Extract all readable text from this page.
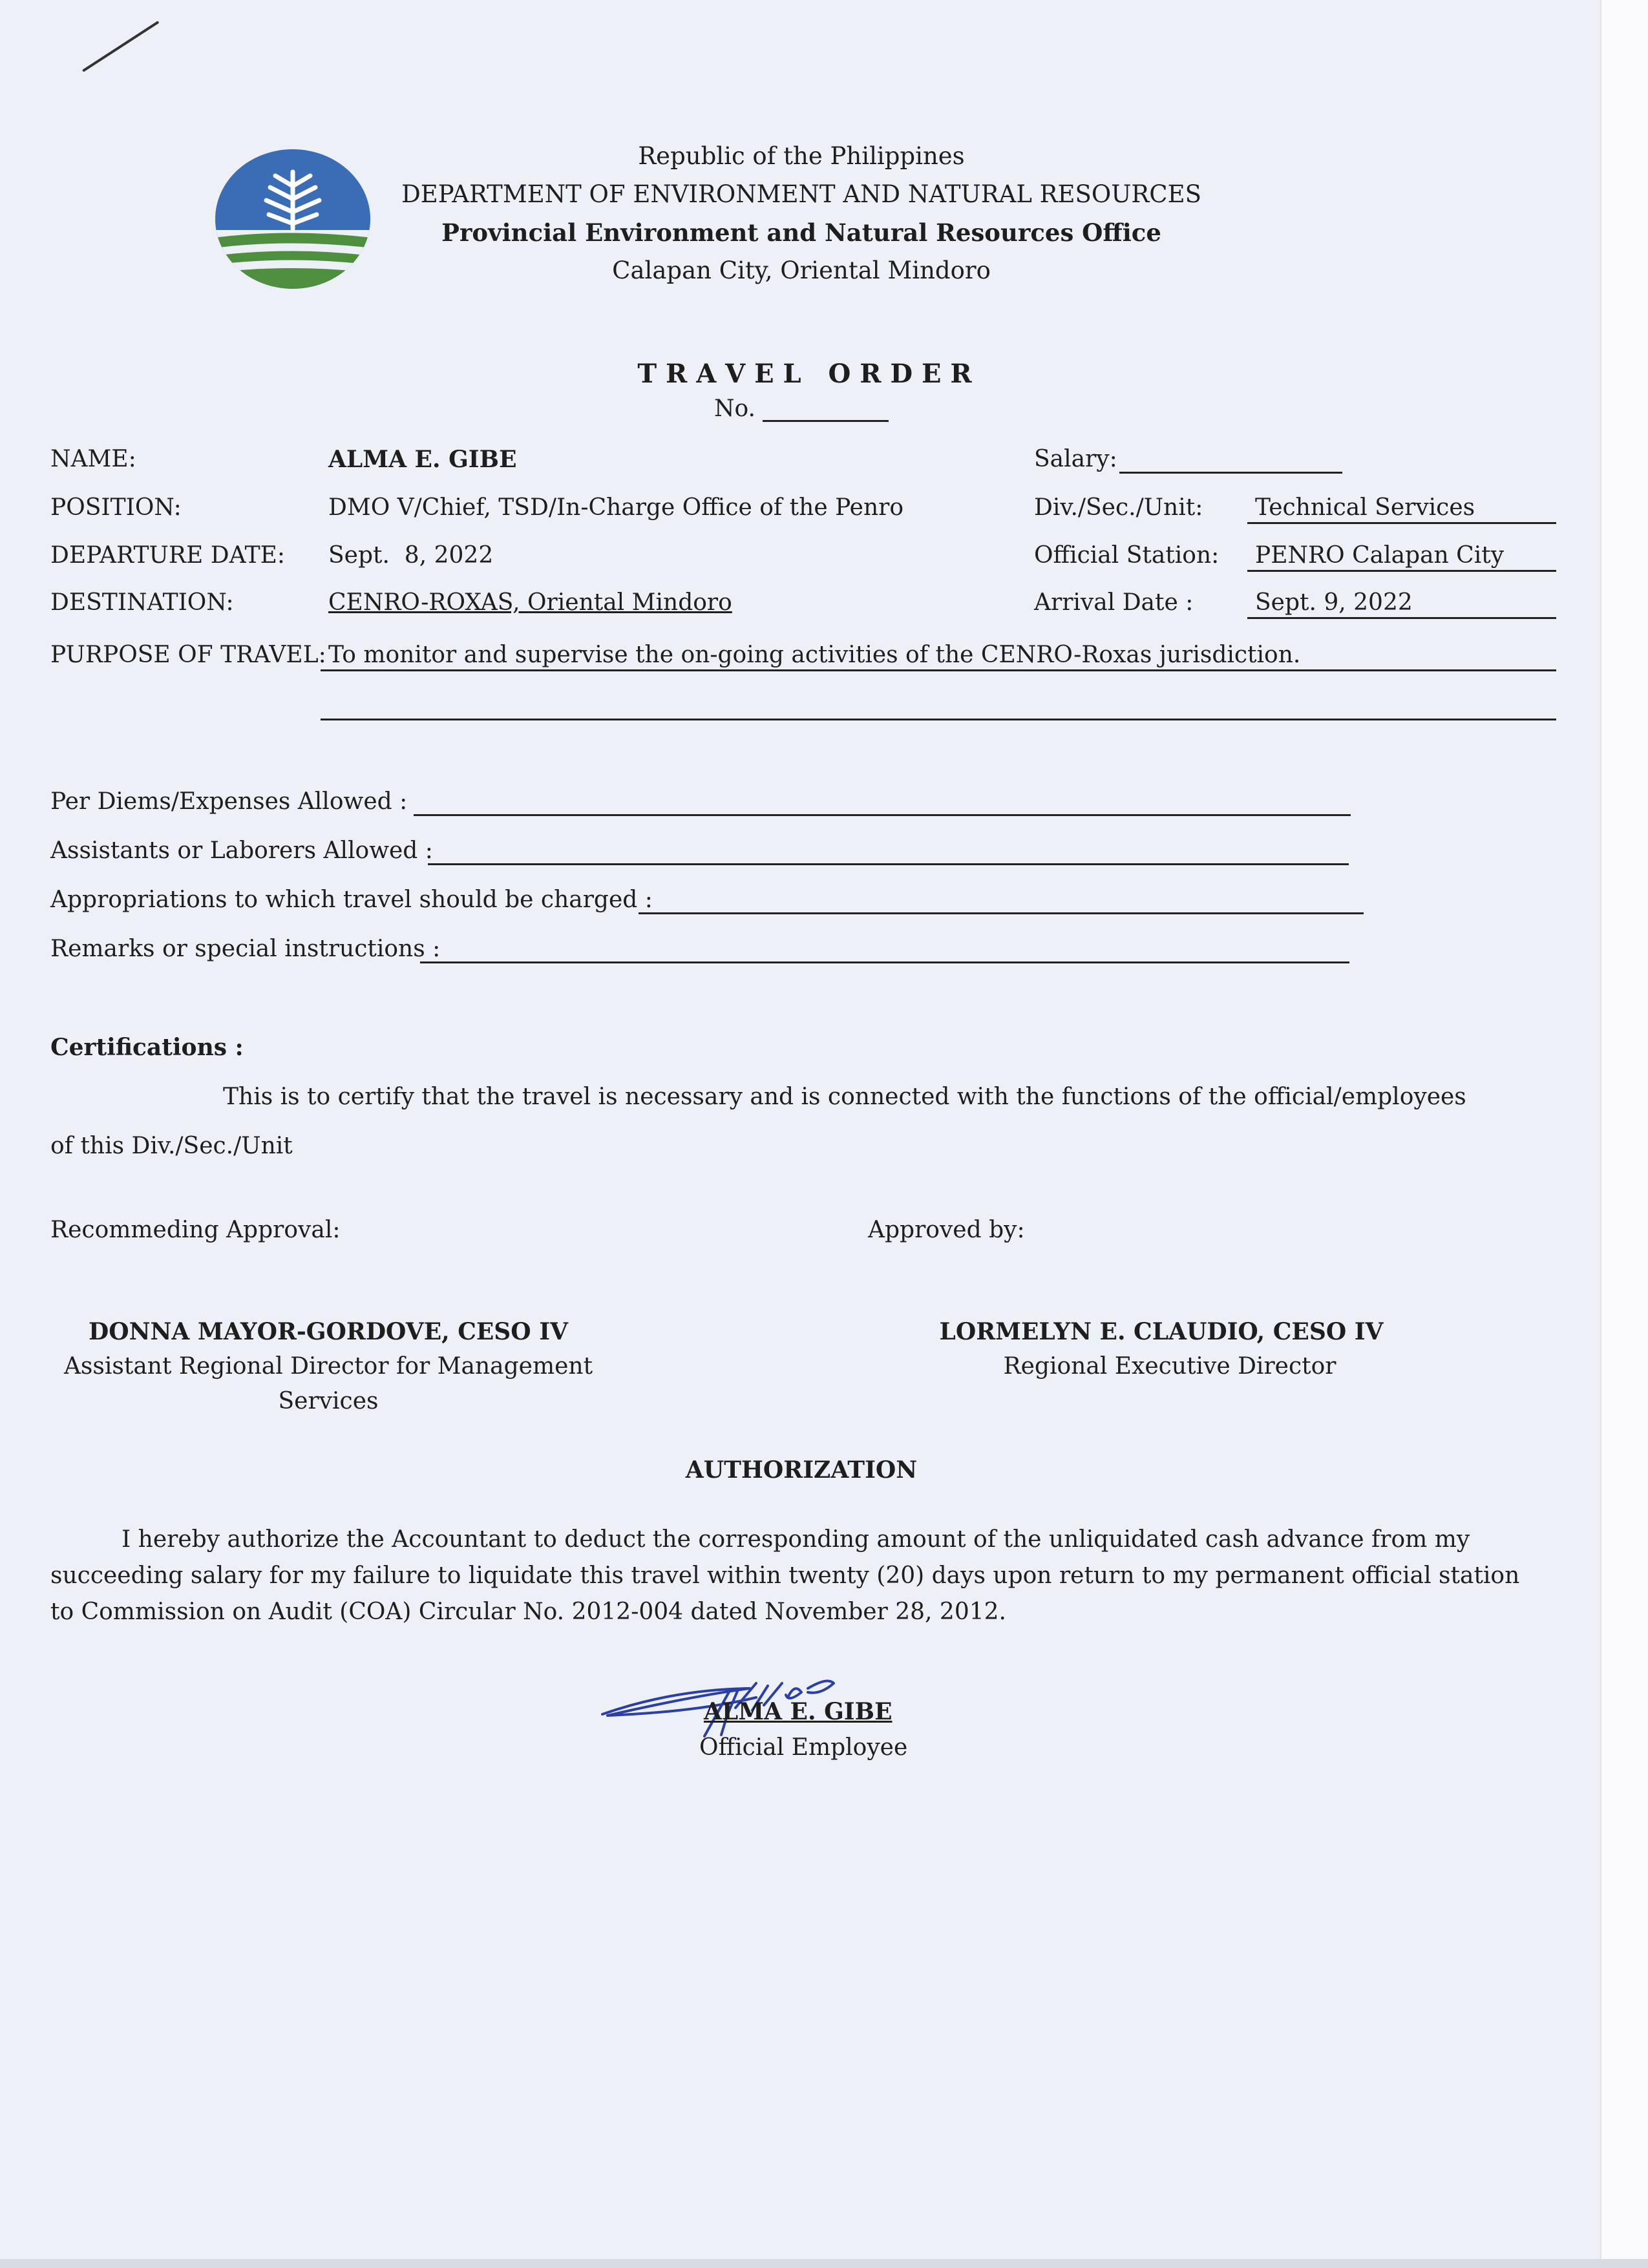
Republic of the Philippines
DEPARTMENT OF ENVIRONMENT AND NATURAL RESOURCES
Provincial Environment and Natural Resources Office
Calapan City, Oriental Mindoro
T R A V E L   O R D E R
No.
NAME:	ALMA E. GIBE
POSITION:	DMO V/Chief, TSD/In-Charge Office of the Penro
DEPARTURE DATE: Sept.  8, 2022
DESTINATION:	CENRO-ROXAS, Oriental Mindoro
Salary:
Div./Sec./Unit: Technical Services
Official Station: PENRO Calapan City
Arrival Date :	Sept. 9, 2022
PURPOSE OF TRAVEL: To monitor and supervise the on-going activities of the CENRO-Roxas jurisdiction.
Per Diems/Expenses Allowed :
Assistants or Laborers Allowed :
Appropriations to which travel should be charged :
Remarks or special instructions :
Certifications :
This is to certify that the travel is necessary and is connected with the functions of the official/employees
of this Div./Sec./Unit
Recommeding Approval:	Approved by:
DONNA MAYOR-GORDOVE, CESO IV
Assistant Regional Director for Management
Services
LORMELYN E. CLAUDIO, CESO IV
Regional Executive Director
AUTHORIZATION
I hereby authorize the Accountant to deduct the corresponding amount of the unliquidated cash advance from my
succeeding salary for my failure to liquidate this travel within twenty (20) days upon return to my permanent official station
to Commission on Audit (COA) Circular No. 2012-004 dated November 28, 2012.
ALMA E. GIBE
Official Employee
